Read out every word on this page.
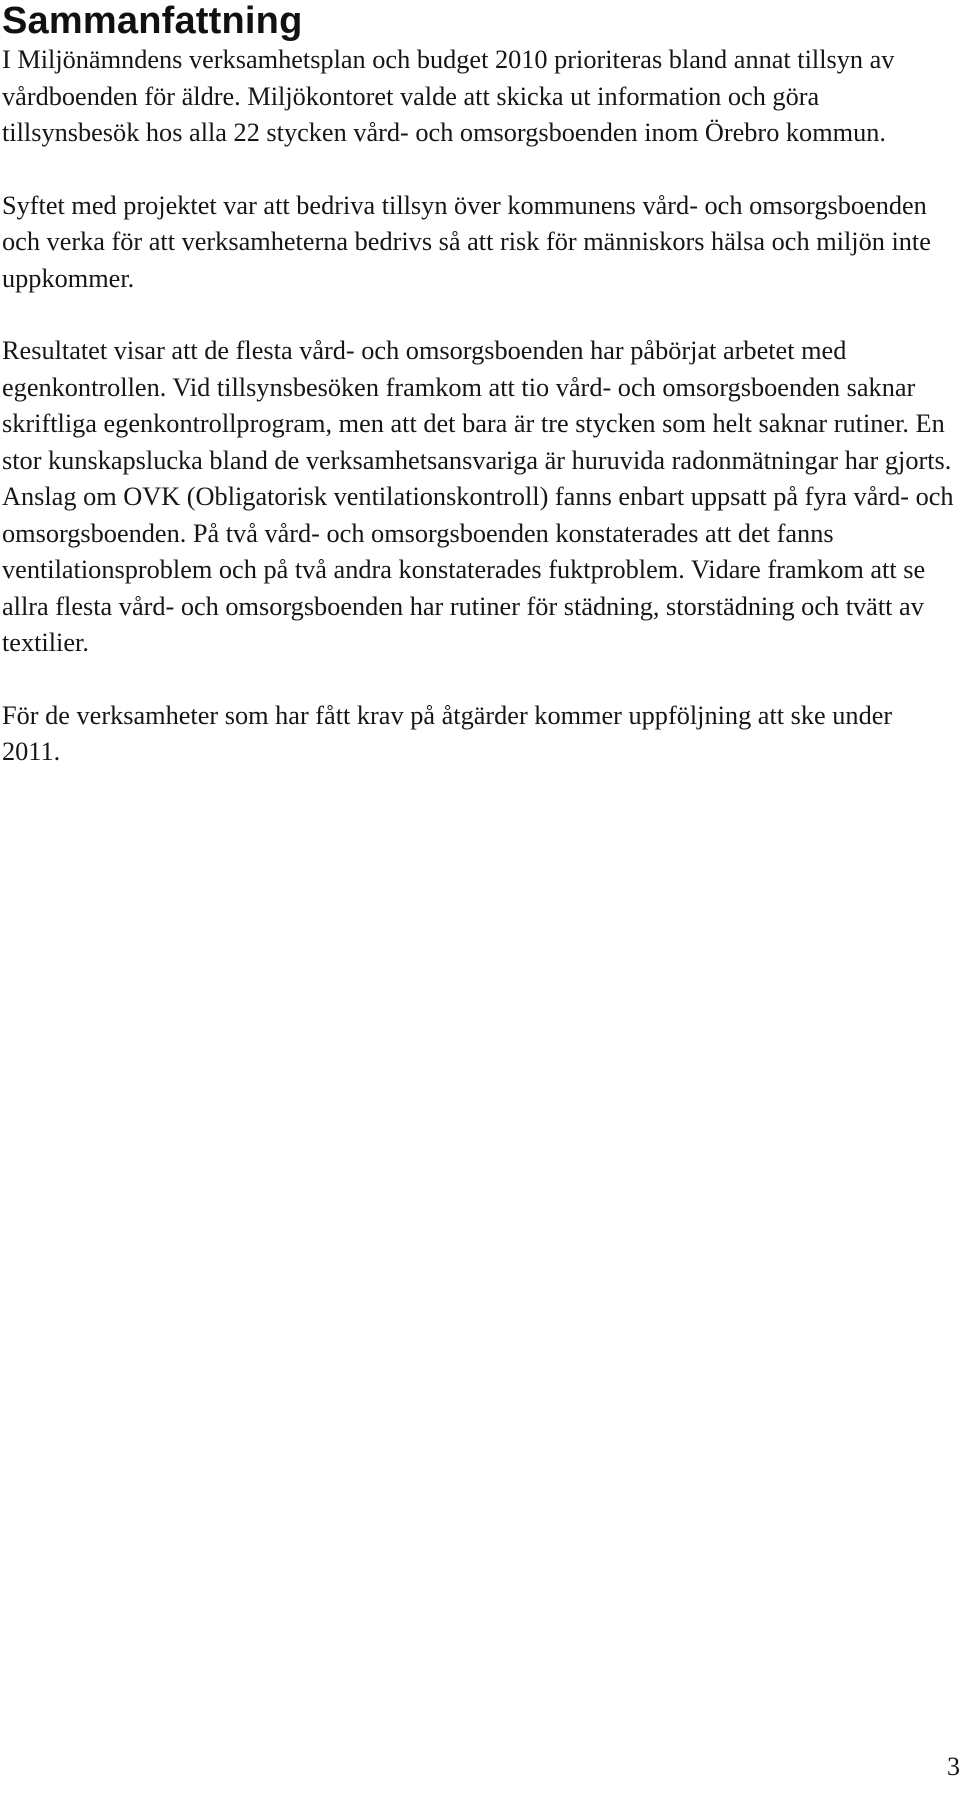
Sammanfattning

I Miljönämndens verksamhetsplan och budget 2010 prioriteras bland annat tillsyn av vårdboenden för äldre. Miljökontoret valde att skicka ut information och göra tillsynsbesök hos alla 22 stycken vård- och omsorgsboenden inom Örebro kommun.

Syftet med projektet var att bedriva tillsyn över kommunens vård- och omsorgsboenden och verka för att verksamheterna bedrivs så att risk för människors hälsa och miljön inte uppkommer.

Resultatet visar att de flesta vård- och omsorgsboenden har påbörjat arbetet med egenkontrollen. Vid tillsynsbesöken framkom att tio vård- och omsorgsboenden saknar skriftliga egenkontrollprogram, men att det bara är tre stycken som helt saknar rutiner. En stor kunskapslucka bland de verksamhetsansvariga är huruvida radonmätningar har gjorts. Anslag om OVK (Obligatorisk ventilationskontroll) fanns enbart uppsatt på fyra vård- och omsorgsboenden. På två vård- och omsorgsboenden konstaterades att det fanns ventilationsproblem och på två andra konstaterades fuktproblem. Vidare framkom att se allra flesta vård- och omsorgsboenden har rutiner för städning, storstädning och tvätt av textilier.

För de verksamheter som har fått krav på åtgärder kommer uppföljning att ske under 2011.

3
